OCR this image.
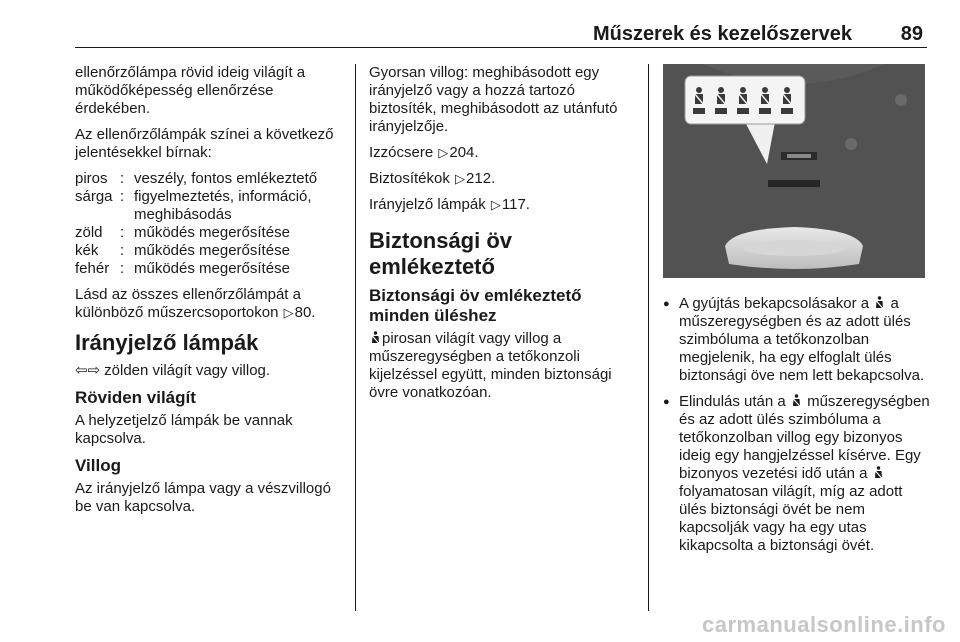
Műszerek és kezelőszervek 89

ellenőrzőlámpa rövid ideig világít a működőképesség ellenőrzése érdekében.

Az ellenőrzőlámpák színei a következő jelentésekkel bírnak:

piros : veszély, fontos emlékeztető
sárga : figyelmeztetés, információ, meghibásodás
zöld	: működés megerősítése
kék	: működés megerősítése
fehér : működés megerősítése

Lásd az összes ellenőrzőlámpát a különböző műszercsoportokon ▷80.

Irányjelző lámpák

⇦⇨ zölden világít vagy villog.

Röviden világít

A helyzetjelző lámpák be vannak kapcsolva.

Villog

Az irányjelző lámpa vagy a vészvillogó be van kapcsolva.

Gyorsan villog: meghibásodott egy irányjelző vagy a hozzá tartozó biztosíték, meghibásodott az utánfutó irányjelzője.

Izzócsere ▷204.

Biztosítékok ▷212.

Irányjelző lámpák ▷117.

Biztonsági öv emlékeztető
Biztonsági öv emlékeztető minden üléshez

pirosan világít vagy villog a műszeregységben a tetőkonzoli kijelzéssel együtt, minden biztonsági övre vonatkozóan.

● A gyújtás bekapcsolásakor a a műszeregységben és az adott ülés szimbóluma a tetőkonzolban megjelenik, ha egy elfoglalt ülés biztonsági öve nem lett bekapcsolva.
● Elindulás után a műszeregységben és az adott ülés szimbóluma a tetőkonzolban villog egy bizonyos ideig egy hangjelzéssel kísérve. Egy bizonyos vezetési idő után a  folyamatosan világít, míg az adott ülés biztonsági övét be nem kapcsolják vagy ha egy utas kikapcsolta a biztonsági övét.
carmanualsonline.info
